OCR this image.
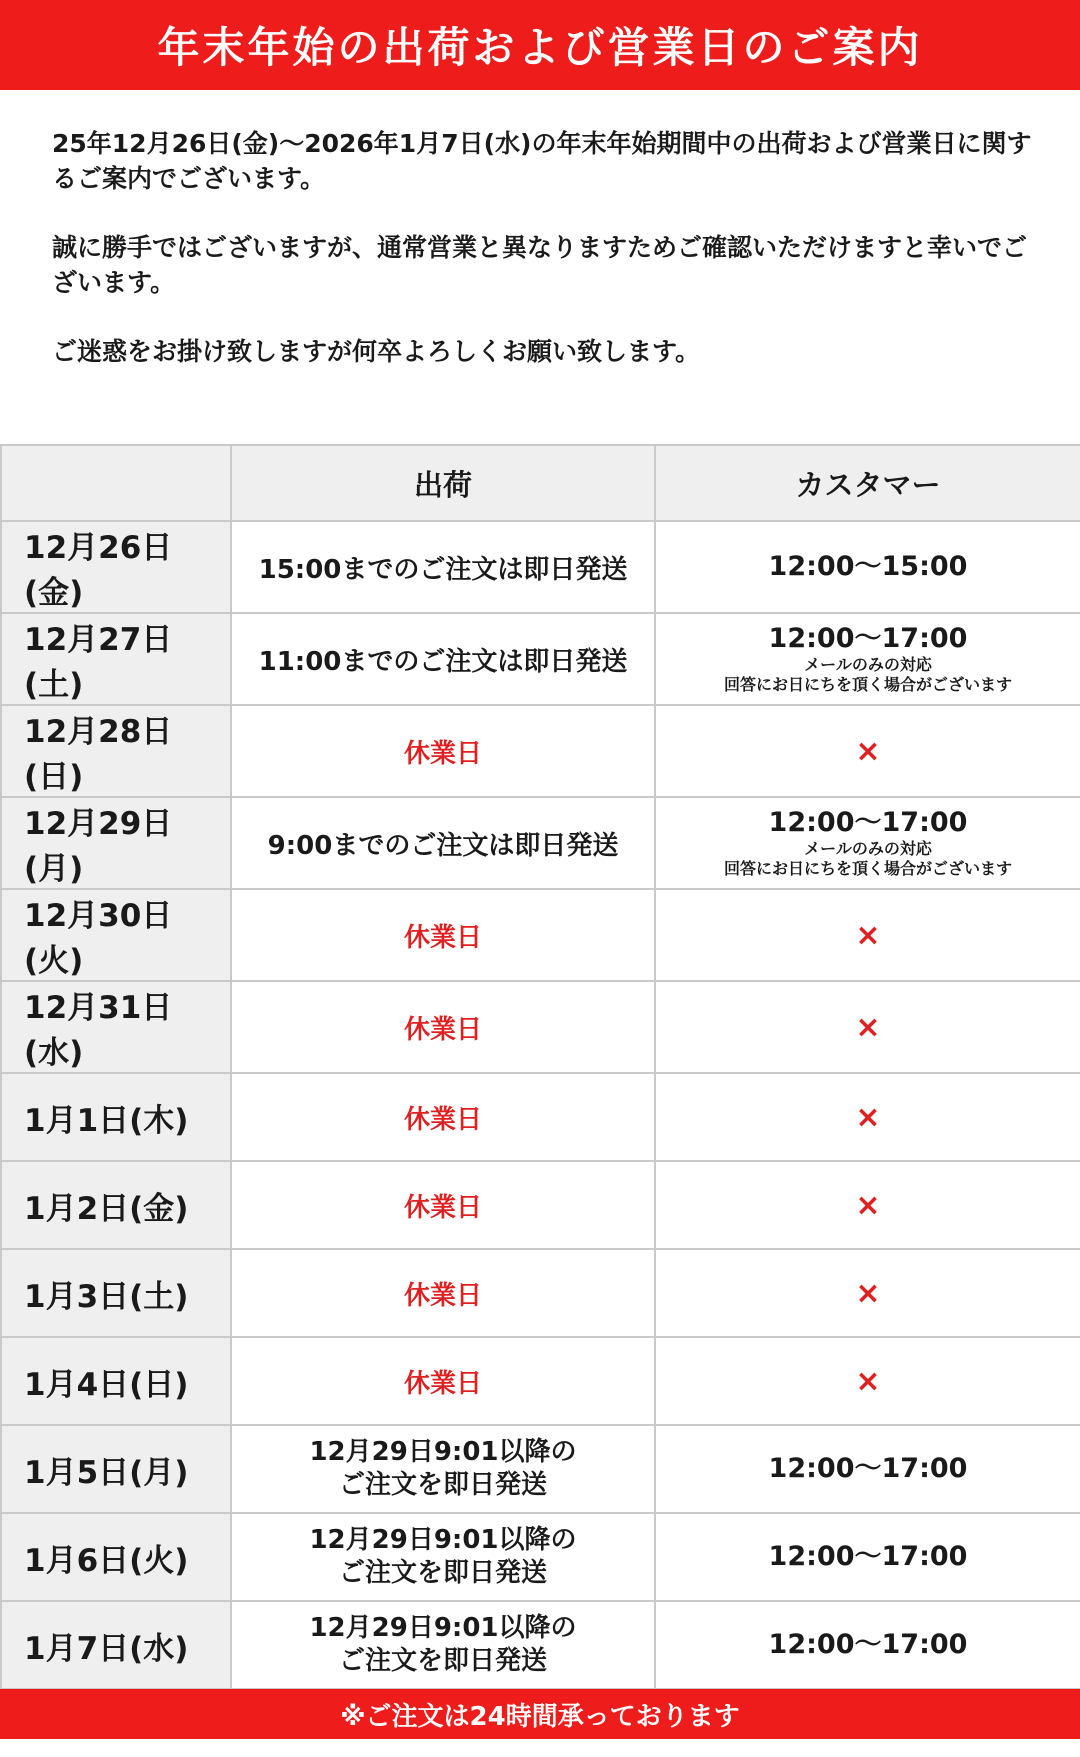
年末年始の出荷および営業日のご案内

25年12月26日(金)〜2026年1月7日(水)の年末年始期間中の出荷および営業日に関するご案内でございます。

誠に勝手ではございますが、通常営業と異なりますためご確認いただけますと幸いでございます。

ご迷惑をお掛け致しますが何卒よろしくお願い致します。

	出荷	カスタマー
12月26日(金)	15:00までのご注文は即日発送	12:00〜15:00

12月27日(土)	11:00までのご注文は即日発送	12:00〜17:00
メールのみの対応
回答にお日にちを頂く場合がございます

12月28日(日)	休業日	×

12月29日(月)	9:00までのご注文は即日発送	12:00〜17:00
メールのみの対応
回答にお日にちを頂く場合がございます

12月30日(火)	休業日	×

12月31日(水)	休業日	×

1月1日(木)	休業日	×

1月2日(金)	休業日	×

1月3日(土)	休業日	×

1月4日(日)	休業日	×

1月5日(月)	12月29日9:01以降の
ご注文を即日発送	12:00〜17:00

1月6日(火)	12月29日9:01以降の
ご注文を即日発送	12:00〜17:00

1月7日(水)	12月29日9:01以降の
ご注文を即日発送	12:00〜17:00
※ご注文は24時間承っております
